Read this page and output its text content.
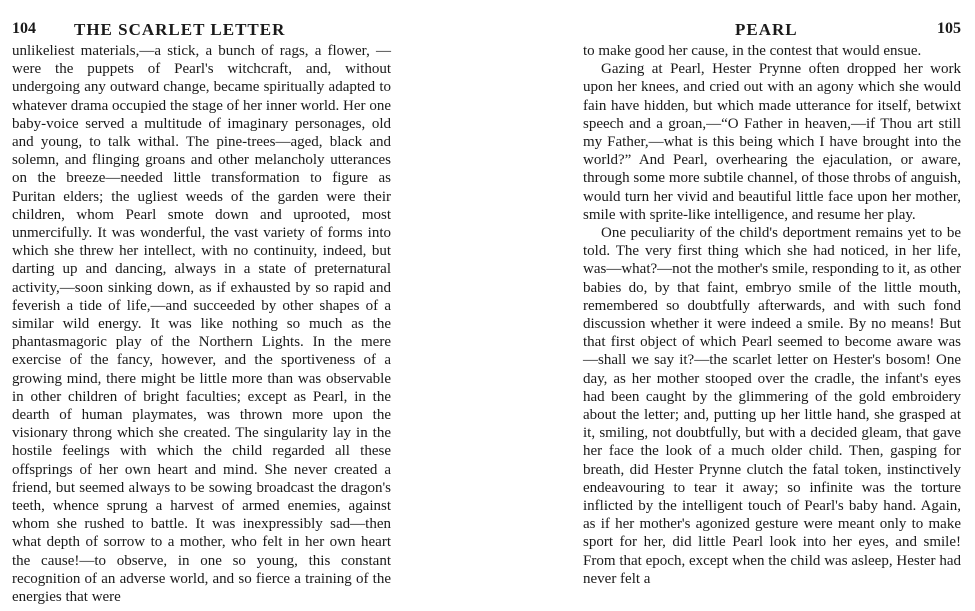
104 THE SCARLET LETTER

unlikeliest materials,—a stick, a bunch of rags, a flower, —were the puppets of Pearl's witchcraft, and, without undergoing any outward change, became spiritually adapted to whatever drama occupied the stage of her inner world. Her one baby-voice served a multitude of imaginary personages, old and young, to talk withal. The pine-trees—aged, black and solemn, and flinging groans and other melancholy utterances on the breeze—needed little transformation to figure as Puritan elders; the ugliest weeds of the garden were their children, whom Pearl smote down and uprooted, most unmercifully. It was wonderful, the vast variety of forms into which she threw her intellect, with no continuity, indeed, but darting up and dancing, always in a state of preternatural activity,—soon sinking down, as if exhausted by so rapid and feverish a tide of life,—and succeeded by other shapes of a similar wild energy. It was like nothing so much as the phantasmagoric play of the Northern Lights. In the mere exercise of the fancy, however, and the sportiveness of a growing mind, there might be little more than was observable in other children of bright faculties; except as Pearl, in the dearth of human playmates, was thrown more upon the visionary throng which she created. The singularity lay in the hostile feelings with which the child regarded all these offsprings of her own heart and mind. She never created a friend, but seemed always to be sowing broadcast the dragon's teeth, whence sprung a harvest of armed enemies, against whom she rushed to battle. It was inexpressibly sad—then what depth of sorrow to a mother, who felt in her own heart the cause!—to observe, in one so young, this constant recognition of an adverse world, and so fierce a training of the energies that were

PEARL	105

to make good her cause, in the contest that would ensue.

Gazing at Pearl, Hester Prynne often dropped her work upon her knees, and cried out with an agony which she would fain have hidden, but which made utterance for itself, betwixt speech and a groan,—“O Father in heaven,—if Thou art still my Father,—what is this being which I have brought into the world?” And Pearl, overhearing the ejaculation, or aware, through some more subtile channel, of those throbs of anguish, would turn her vivid and beautiful little face upon her mother, smile with sprite-like intelligence, and resume her play.

One peculiarity of the child's deportment remains yet to be told. The very first thing which she had noticed, in her life, was—what?—not the mother's smile, responding to it, as other babies do, by that faint, embryo smile of the little mouth, remembered so doubtfully afterwards, and with such fond discussion whether it were indeed a smile. By no means! But that first object of which Pearl seemed to become aware was—shall we say it?—the scarlet letter on Hester's bosom! One day, as her mother stooped over the cradle, the infant's eyes had been caught by the glimmering of the gold embroidery about the letter; and, putting up her little hand, she grasped at it, smiling, not doubtfully, but with a decided gleam, that gave her face the look of a much older child. Then, gasping for breath, did Hester Prynne clutch the fatal token, instinctively endeavouring to tear it away; so infinite was the torture inflicted by the intelligent touch of Pearl's baby hand. Again, as if her mother's agonized gesture were meant only to make sport for her, did little Pearl look into her eyes, and smile! From that epoch, except when the child was asleep, Hester had never felt a
